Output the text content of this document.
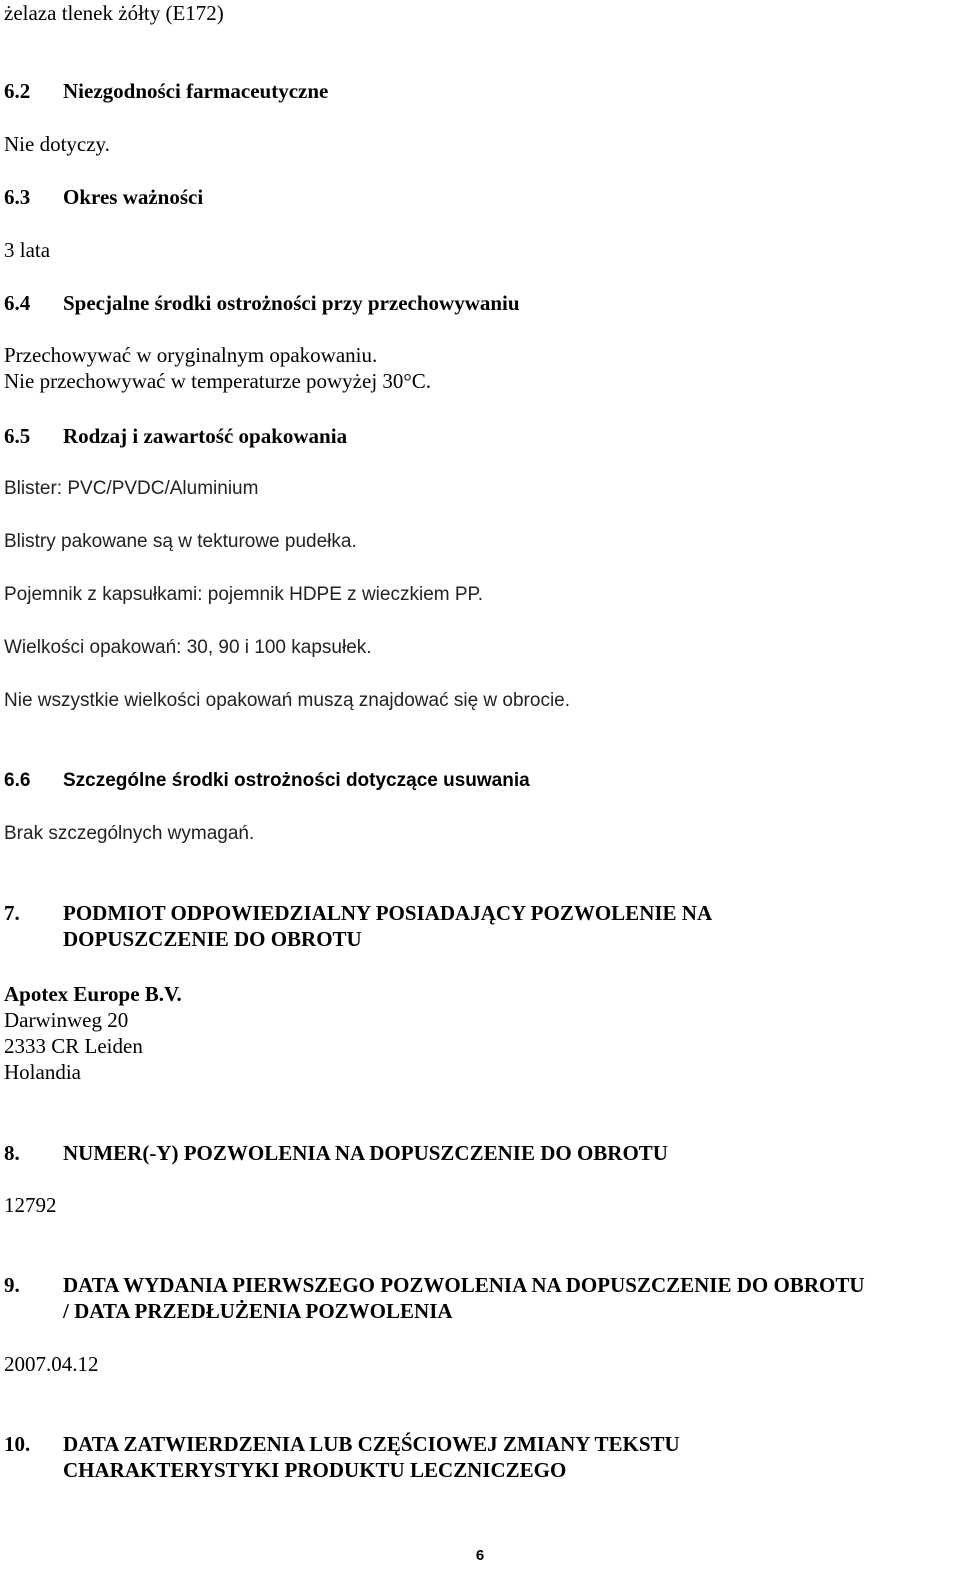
żelaza tlenek żółty (E172)
6.2 Niezgodności farmaceutyczne
Nie dotyczy.
6.3 Okres ważności
3 lata
6.4 Specjalne środki ostrożności przy przechowywaniu
Przechowywać w oryginalnym opakowaniu.
Nie przechowywać w temperaturze powyżej 30°C.
6.5 Rodzaj i zawartość opakowania
Blister: PVC/PVDC/Aluminium
Blistry pakowane są w tekturowe pudełka.
Pojemnik z kapsułkami: pojemnik HDPE z wieczkiem PP.
Wielkości opakowań: 30, 90 i 100 kapsułek.
Nie wszystkie wielkości opakowań muszą znajdować się w obrocie.
6.6 Szczególne środki ostrożności dotyczące usuwania
Brak szczególnych wymagań.
7. PODMIOT ODPOWIEDZIALNY POSIADAJĄCY POZWOLENIE NA
DOPUSZCZENIE DO OBROTU
Apotex Europe B.V.
Darwinweg 20
2333 CR Leiden
Holandia
8. NUMER(-Y) POZWOLENIA NA DOPUSZCZENIE DO OBROTU
12792
9. DATA WYDANIA PIERWSZEGO POZWOLENIA NA DOPUSZCZENIE DO OBROTU
/ DATA PRZEDŁUŻENIA POZWOLENIA
2007.04.12
10. DATA ZATWIERDZENIA LUB CZĘŚCIOWEJ ZMIANY TEKSTU
CHARAKTERYSTYKI PRODUKTU LECZNICZEGO
6
